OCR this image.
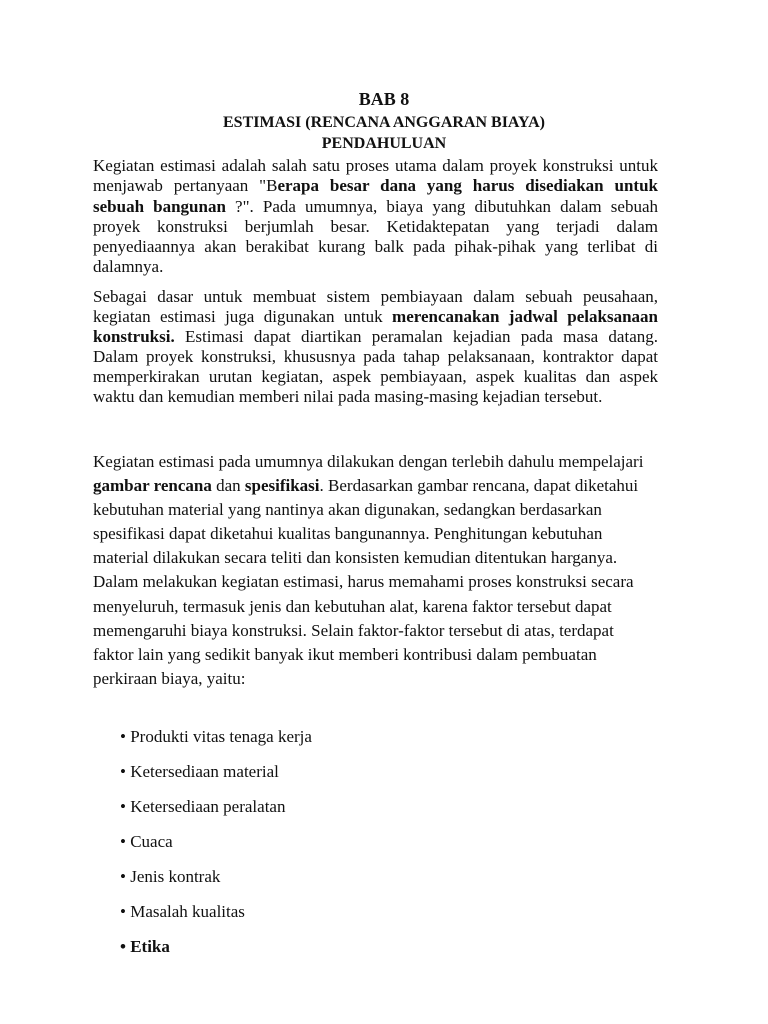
BAB 8
ESTIMASI (RENCANA ANGGARAN BIAYA)
PENDAHULUAN

Kegiatan estimasi adalah salah satu proses utama dalam proyek konstruksi untuk menjawab pertanyaan "Berapa besar dana yang harus disediakan untuk sebuah bangunan ?". Pada umumnya, biaya yang dibutuhkan dalam sebuah proyek konstruksi berjumlah besar. Ketidaktepatan yang terjadi dalam penyediaannya akan berakibat kurang balk pada pihak-pihak yang terlibat di dalamnya.

Sebagai dasar untuk membuat sistem pembiayaan dalam sebuah peusahaan, kegiatan estimasi juga digunakan untuk merencanakan jadwal pelaksanaan konstruksi. Estimasi dapat diartikan peramalan kejadian pada masa datang. Dalam proyek konstruksi, khususnya pada tahap pelaksanaan, kontraktor dapat memperkirakan urutan kegiatan, aspek pembiayaan, aspek kualitas dan aspek waktu dan kemudian memberi nilai pada masing-masing kejadian tersebut.

Kegiatan estimasi pada umumnya dilakukan dengan terlebih dahulu mempelajari gambar rencana dan spesifikasi. Berdasarkan gambar rencana, dapat diketahui kebutuhan material yang nantinya akan digunakan, sedangkan berdasarkan spesifikasi dapat diketahui kualitas bangunannya. Penghitungan kebutuhan material dilakukan secara teliti dan konsisten kemudian ditentukan harganya. Dalam melakukan kegiatan estimasi, harus memahami proses konstruksi secara menyeluruh, termasuk jenis dan kebutuhan alat, karena faktor tersebut dapat memengaruhi biaya konstruksi. Selain faktor-faktor tersebut di atas, terdapat faktor lain yang sedikit banyak ikut memberi kontribusi dalam pembuatan perkiraan biaya, yaitu:

• Produkti vitas tenaga kerja
• Ketersediaan material
• Ketersediaan peralatan
• Cuaca
• Jenis kontrak
• Masalah kualitas
• Etika
